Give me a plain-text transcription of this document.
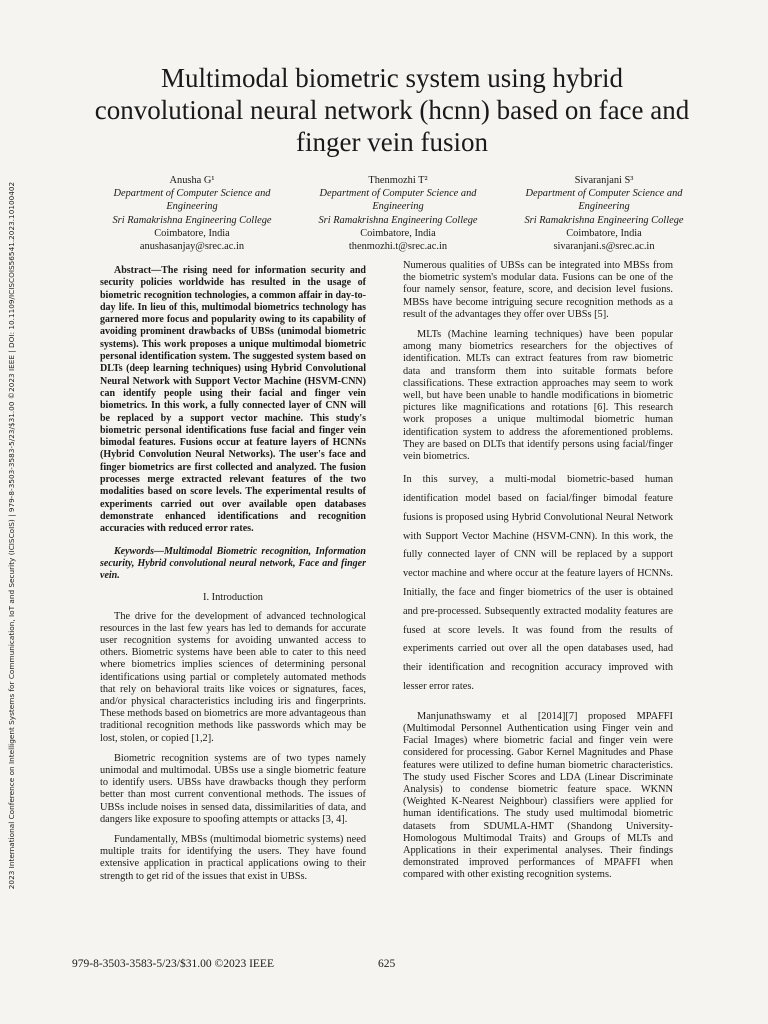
2023 International Conference on Intelligent Systems for Communication, IoT and Security (ICISCoIS) | 979-8-3503-3583-5/23/$31.00 ©2023 IEEE | DOI: 10.1109/ICISCOIS56541.2023.10100402
Multimodal biometric system using hybrid convolutional neural network (hcnn) based on face and finger vein fusion
Anusha G¹
Department of Computer Science and Engineering
Sri Ramakrishna Engineering College
Coimbatore, India
anushasanjay@srec.ac.in
Thenmozhi T²
Department of Computer Science and Engineering
Sri Ramakrishna Engineering College
Coimbatore, India
thenmozhi.t@srec.ac.in
Sivaranjani S³
Department of Computer Science and Engineering
Sri Ramakrishna Engineering College
Coimbatore, India
sivaranjani.s@srec.ac.in

Abstract—The rising need for information security and security policies worldwide has resulted in the usage of biometric recognition technologies, a common affair in day-to-day life. In lieu of this, multimodal biometrics technology has garnered more focus and popularity owing to its capability of avoiding prominent drawbacks of UBSs (unimodal biometric systems). This work proposes a unique multimodal biometric personal identification system. The suggested system based on DLTs (deep learning techniques) using Hybrid Convolutional Neural Network with Support Vector Machine (HSVM-CNN) can identify people using their facial and finger vein biometrics. In this work, a fully connected layer of CNN will be replaced by a support vector machine. This study's biometric personal identifications fuse facial and finger vein bimodal features. Fusions occur at feature layers of HCNNs (Hybrid Convolution Neural Networks). The user's face and finger biometrics are first collected and analyzed. The fusion processes merge extracted relevant features of the two modalities based on score levels. The experimental results of experiments carried out over available open databases demonstrate enhanced identifications and recognition accuracies with reduced error rates.

Keywords—Multimodal Biometric recognition, Information security, Hybrid convolutional neural network, Face and finger vein.

I. Introduction

The drive for the development of advanced technological resources in the last few years has led to demands for accurate user recognition systems for avoiding unwanted access to others. Biometric systems have been able to cater to this need where biometrics implies sciences of determining personal identifications using partial or completely automated methods that rely on behavioral traits like voices or signatures, faces, and/or physical characteristics including iris and fingerprints. These methods based on biometrics are more advantageous than traditional recognition methods like passwords which may be lost, stolen, or copied [1,2].

Biometric recognition systems are of two types namely unimodal and multimodal. UBSs use a single biometric feature to identify users. UBSs have drawbacks though they perform better than most current conventional methods. The issues of UBSs include noises in sensed data, dissimilarities of data, and dangers like exposure to spoofing attempts or attacks [3, 4].

Fundamentally, MBSs (multimodal biometric systems) need multiple traits for identifying the users. They have found extensive application in practical applications owing to their strength to get rid of the issues that exist in UBSs.

Numerous qualities of UBSs can be integrated into MBSs from the biometric system's modular data. Fusions can be one of the four namely sensor, feature, score, and decision level fusions. MBSs have become intriguing secure recognition methods as a result of the advantages they offer over UBSs [5].

MLTs (Machine learning techniques) have been popular among many biometrics researchers for the objectives of identification. MLTs can extract features from raw biometric data and transform them into suitable formats before classifications. These extraction approaches may seem to work well, but have been unable to handle modifications in biometric pictures like magnifications and rotations [6]. This research work proposes a unique multimodal biometric human identification system to address the aforementioned problems. They are based on DLTs that identify persons using facial/finger vein biometrics.

In this survey, a multi-modal biometric-based human identification model based on facial/finger bimodal feature fusions is proposed using Hybrid Convolutional Neural Network with Support Vector Machine (HSVM-CNN). In this work, the fully connected layer of CNN will be replaced by a support vector machine and where occur at the feature layers of HCNNs. Initially, the face and finger biometrics of the user is obtained and pre-processed. Subsequently extracted modality features are fused at score levels. It was found from the results of experiments carried out over all the open databases used, had their identification and recognition accuracy improved with lesser error rates.

Manjunathswamy et al [2014][7] proposed MPAFFI (Multimodal Personnel Authentication using Finger vein and Facial Images) where biometric facial and finger vein were considered for processing. Gabor Kernel Magnitudes and Phase features were utilized to define human biometric characteristics. The study used Fischer Scores and LDA (Linear Discriminate Analysis) to condense biometric feature space. WKNN (Weighted K-Nearest Neighbour) classifiers were applied for human identifications. The study used multimodal biometric datasets from SDUMLA-HMT (Shandong University-Homologous Multimodal Traits) and Groups of MLTs and Applications in their experimental analyses. Their findings demonstrated improved performances of MPAFFI when compared with other existing recognition systems.

979-8-3503-3583-5/23/$31.00 ©2023 IEEE	625
